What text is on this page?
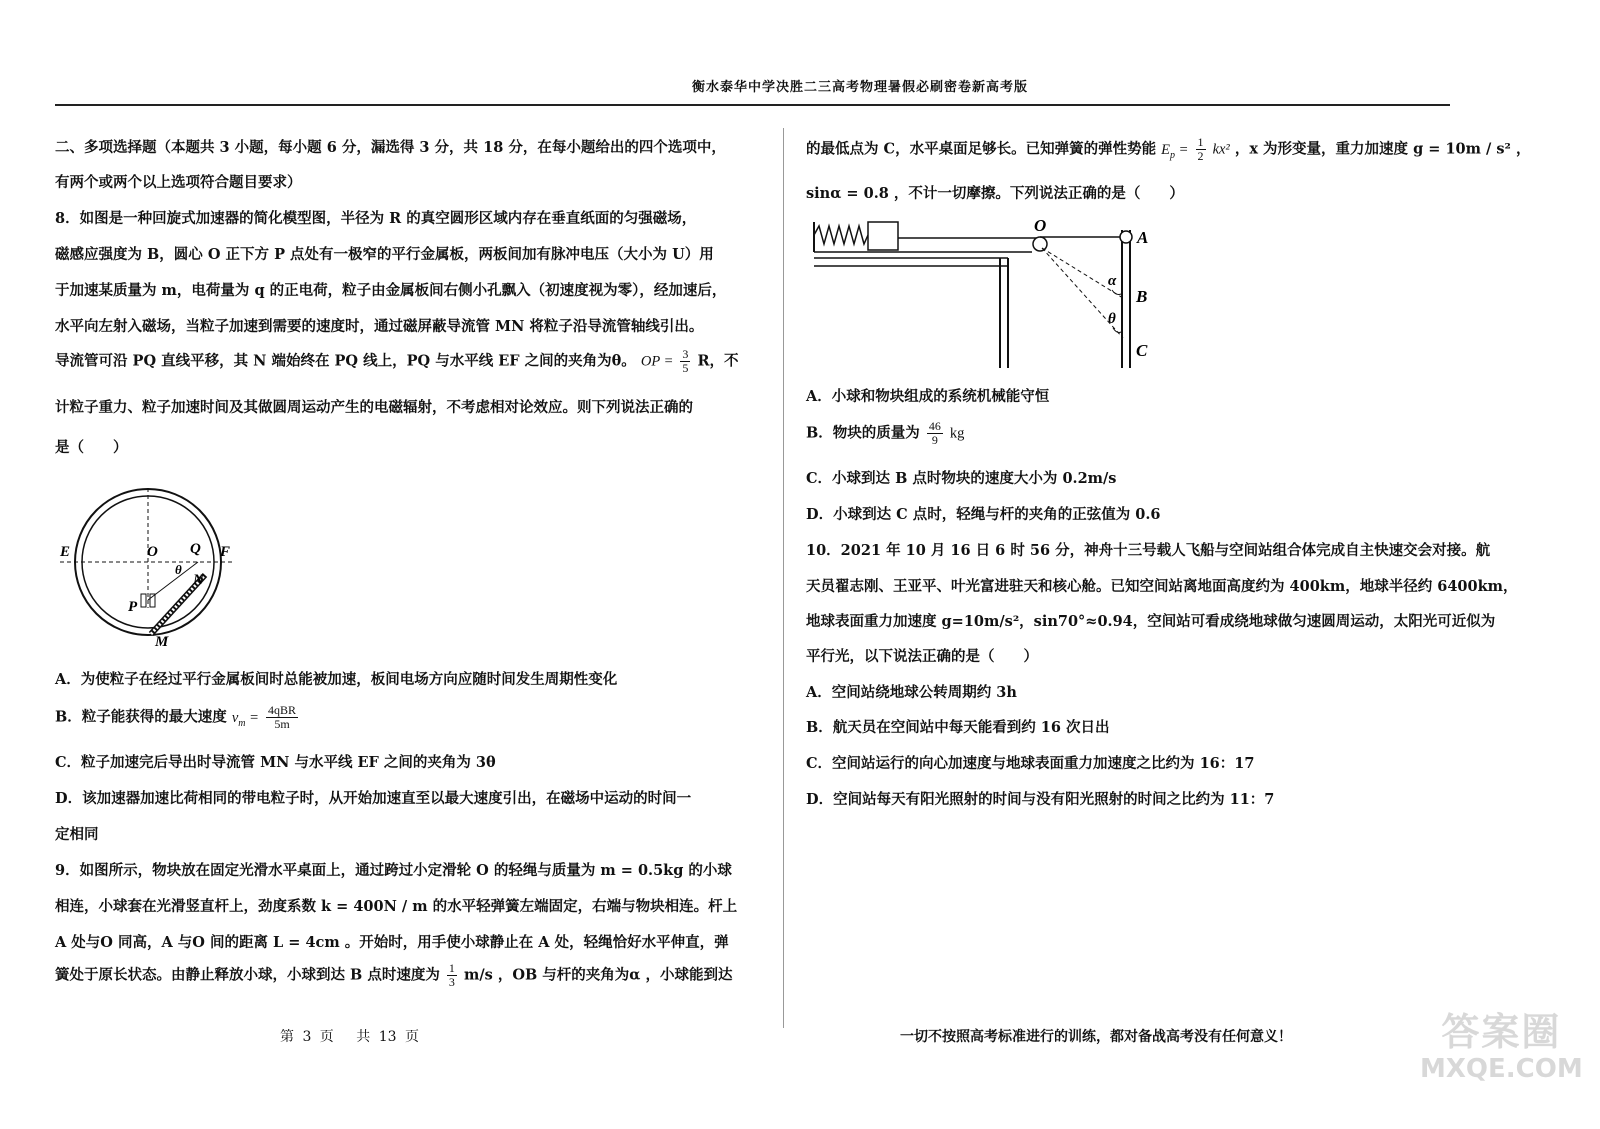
衡水泰华中学决胜二三高考物理暑假必刷密卷新高考版
二、多项选择题（本题共 3 小题，每小题 6 分，漏选得 3 分，共 18 分，在每小题给出的四个选项中，
有两个或两个以上选项符合题目要求）
8．如图是一种回旋式加速器的简化模型图，半径为 R 的真空圆形区域内存在垂直纸面的匀强磁场，
磁感应强度为 B，圆心 O 正下方 P 点处有一极窄的平行金属板，两板间加有脉冲电压（大小为 U）用
于加速某质量为 m，电荷量为 q 的正电荷，粒子由金属板间右侧小孔飘入（初速度视为零），经加速后，
水平向左射入磁场，当粒子加速到需要的速度时，通过磁屏蔽导流管 MN 将粒子沿导流管轴线引出。
导流管可沿 PQ 直线平移，其 N 端始终在 PQ 线上，PQ 与水平线 EF 之间的夹角为θ。 OP = $\frac{3}{5}$ R，不
计粒子重力、粒子加速时间及其做圆周运动产生的电磁辐射，不考虑相对论效应。则下列说法正确的
是（　　）
E	O Q F
θ
N
P
M
A．为使粒子在经过平行金属板间时总能被加速，板间电场方向应随时间发生周期性变化
B．粒子能获得的最大速度 $v_m = \frac{\text{4qBR}}{5m}$
C．粒子加速完后导出时导流管 MN 与水平线 EF 之间的夹角为 3θ
D．该加速器加速比荷相同的带电粒子时，从开始加速直至以最大速度引出，在磁场中运动的时间一
定相同
9．如图所示，物块放在固定光滑水平桌面上，通过跨过小定滑轮 O 的轻绳与质量为 m = 0.5kg 的小球
相连，小球套在光滑竖直杆上，劲度系数 k = 400N / m 的水平轻弹簧左端固定，右端与物块相连。杆上
A 处与O 同高，A 与O 间的距离 L = 4cm 。开始时，用手使小球静止在 A 处，轻绳恰好水平伸直，弹
簧处于原长状态。由静止释放小球，小球到达 B 点时速度为 $\frac{1}{3} m/s$ ，OB 与杆的夹角为α ，小球能到达
的最低点为 C，水平桌面足够长。已知弹簧的弹性势能 $E_p = \frac{1}{2} kx^2$ ，x 为形变量，重力加速度 g = 10m / s² ，
sinα = 0.8 ，不计一切摩擦。下列说法正确的是（　　）
O
A
α
B
θ
C
A．小球和物块组成的系统机械能守恒
B．物块的质量为 $\frac{46}{9}$ kg
C．小球到达 B 点时物块的速度大小为 0.2m/s
D．小球到达 C 点时，轻绳与杆的夹角的正弦值为 0.6
10．2021 年 10 月 16 日 6 时 56 分，神舟十三号载人飞船与空间站组合体完成自主快速交会对接。航
天员翟志刚、王亚平、叶光富进驻天和核心舱。已知空间站离地面高度约为 400km，地球半径约 6400km，
地球表面重力加速度 g=10m/s²，sin70°≈0.94，空间站可看成绕地球做匀速圆周运动，太阳光可近似为
平行光，以下说法正确的是（　　）
A．空间站绕地球公转周期约 3h
B．航天员在空间站中每天能看到约 16 次日出
C．空间站运行的向心加速度与地球表面重力加速度之比约为 16：17
D．空间站每天有阳光照射的时间与没有阳光照射的时间之比约为 11：7
第 3 页　 共 13 页	一切不按照高考标准进行的训练，都对备战高考没有任何意义！	答案圈
MXQE.COM
